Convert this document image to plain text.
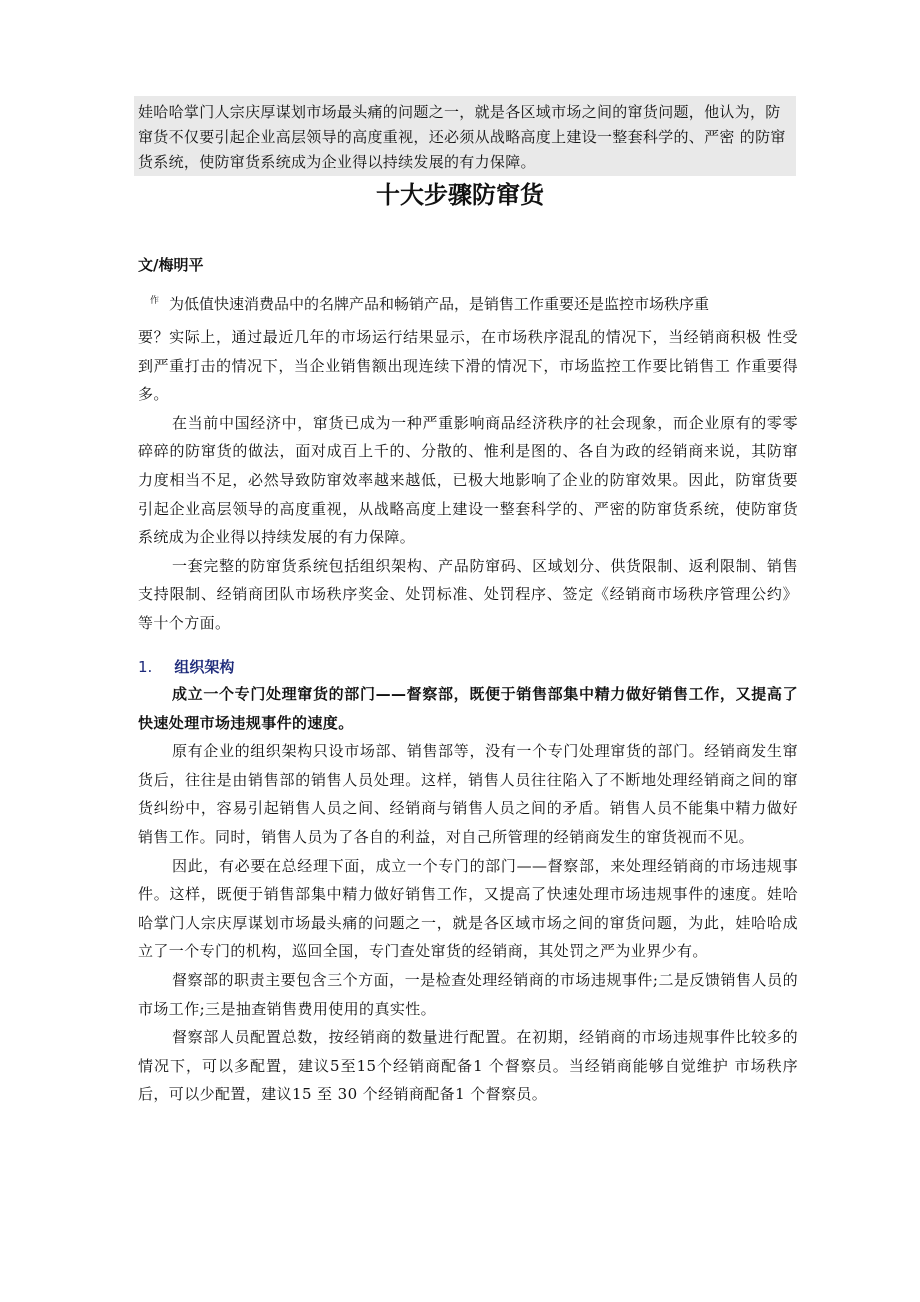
娃哈哈掌门人宗庆厚谋划市场最头痛的问题之一，就是各区域市场之间的窜货问题，他认为，防窜货不仅要引起企业高层领导的高度重视，还必须从战略高度上建设一整套科学的、严密 的防窜货系统，使防窜货系统成为企业得以持续发展的有力保障。
十大步骤防窜货
文/梅明平
$^作$ 为低值快速消费品中的名牌产品和畅销产品，是销售工作重要还是监控市场秩序重

要？实际上，通过最近几年的市场运行结果显示，在市场秩序混乱的情况下，当经销商积极 性受到严重打击的情况下，当企业销售额出现连续下滑的情况下，市场监控工作要比销售工 作重要得多。

在当前中国经济中，窜货已成为一种严重影响商品经济秩序的社会现象，而企业原有的零零碎碎的防窜货的做法，面对成百上千的、分散的、惟利是图的、各自为政的经销商来说，其防窜力度相当不足，必然导致防窜效率越来越低，已极大地影响了企业的防窜效果。因此，防窜货要引起企业高层领导的高度重视，从战略高度上建设一整套科学的、严密的防窜货系统，使防窜货系统成为企业得以持续发展的有力保障。

一套完整的防窜货系统包括组织架构、产品防窜码、区域划分、供货限制、返利限制、销售支持限制、经销商团队市场秩序奖金、处罚标准、处罚程序、签定《经销商市场秩序管理公约》等十个方面。

1. 组织架构

成立一个专门处理窜货的部门——督察部，既便于销售部集中精力做好销售工作，又提高了快速处理市场违规事件的速度。

原有企业的组织架构只设市场部、销售部等，没有一个专门处理窜货的部门。经销商发生窜货后，往往是由销售部的销售人员处理。这样，销售人员往往陷入了不断地处理经销商之间的窜货纠纷中，容易引起销售人员之间、经销商与销售人员之间的矛盾。销售人员不能集中精力做好销售工作。同时，销售人员为了各自的利益，对自己所管理的经销商发生的窜货视而不见。

因此，有必要在总经理下面，成立一个专门的部门——督察部，来处理经销商的市场违规事件。这样，既便于销售部集中精力做好销售工作，又提高了快速处理市场违规事件的速度。娃哈哈掌门人宗庆厚谋划市场最头痛的问题之一，就是各区域市场之间的窜货问题，为此，娃哈哈成立了一个专门的机构，巡回全国，专门查处窜货的经销商，其处罚之严为业界少有。

督察部的职责主要包含三个方面，一是检查处理经销商的市场违规事件;二是反馈销售人员的市场工作;三是抽查销售费用使用的真实性。

督察部人员配置总数，按经销商的数量进行配置。在初期，经销商的市场违规事件比较多的情况下，可以多配置，建议5至15个经销商配备1 个督察员。当经销商能够自觉维护 市场秩序后，可以少配置，建议15 至 30 个经销商配备1 个督察员。
